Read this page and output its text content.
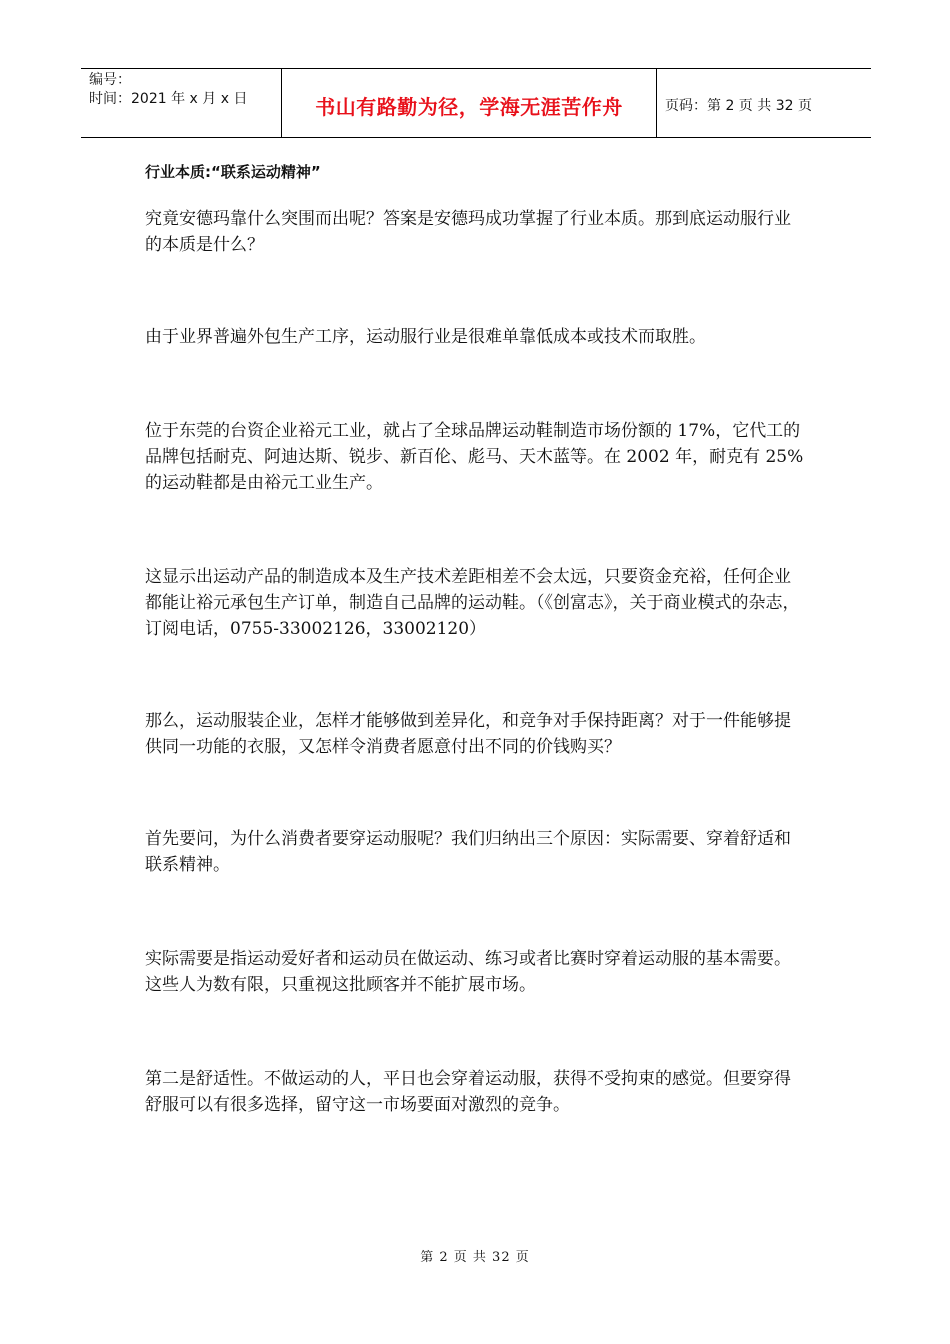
编号：
时间：2021 年 x 月 x 日	书山有路勤为径，学海无涯苦作舟	页码：第 2 页 共 32 页

行业本质:“联系运动精神”

究竟安德玛靠什么突围而出呢？答案是安德玛成功掌握了行业本质。那到底运动服行业的本质是什么？

由于业界普遍外包生产工序，运动服行业是很难单靠低成本或技术而取胜。

位于东莞的台资企业裕元工业，就占了全球品牌运动鞋制造市场份额的 17%，它代工的品牌包括耐克、阿迪达斯、锐步、新百伦、彪马、天木蓝等。在 2002 年，耐克有 25%的运动鞋都是由裕元工业生产。

这显示出运动产品的制造成本及生产技术差距相差不会太远，只要资金充裕，任何企业都能让裕元承包生产订单，制造自己品牌的运动鞋。（《创富志》，关于商业模式的杂志，订阅电话，0755-33002126，33002120）

那么，运动服装企业，怎样才能够做到差异化，和竞争对手保持距离？对于一件能够提供同一功能的衣服，又怎样令消费者愿意付出不同的价钱购买？

首先要问，为什么消费者要穿运动服呢？我们归纳出三个原因：实际需要、穿着舒适和联系精神。

实际需要是指运动爱好者和运动员在做运动、练习或者比赛时穿着运动服的基本需要。这些人为数有限，只重视这批顾客并不能扩展市场。

第二是舒适性。不做运动的人，平日也会穿着运动服，获得不受拘束的感觉。但要穿得舒服可以有很多选择，留守这一市场要面对激烈的竞争。

第 2 页 共 32 页
